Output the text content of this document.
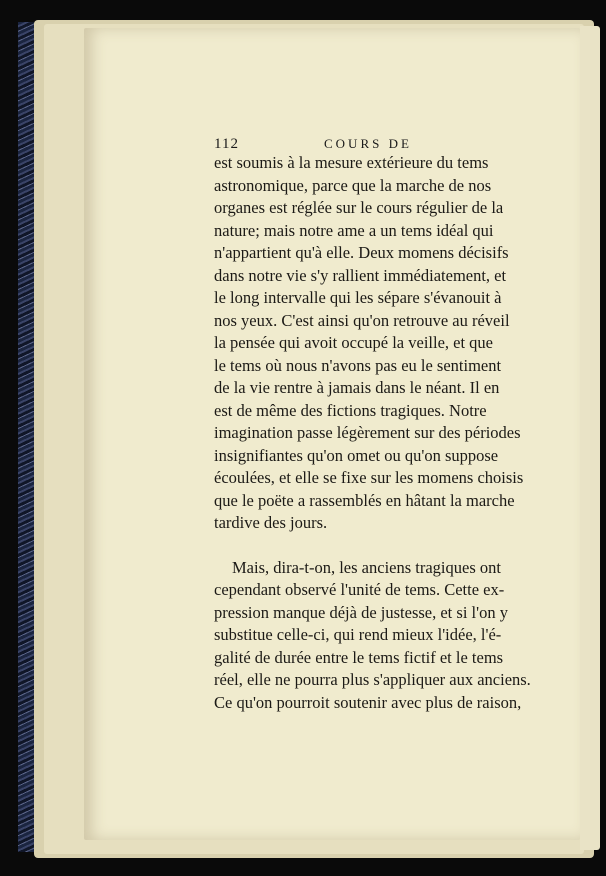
112	COURS DE
est soumis à la mesure extérieure du tems
astronomique, parce que la marche de nos
organes est réglée sur le cours régulier de la
nature; mais notre ame a un tems idéal qui
n'appartient qu'à elle. Deux momens décisifs
dans notre vie s'y rallient immédiatement, et
le long intervalle qui les sépare s'évanouit à
nos yeux. C'est ainsi qu'on retrouve au réveil
la pensée qui avoit occupé la veille, et que
le tems où nous n'avons pas eu le sentiment
de la vie rentre à jamais dans le néant. Il en
est de même des fictions tragiques. Notre
imagination passe légèrement sur des périodes
insignifiantes qu'on omet ou qu'on suppose
écoulées, et elle se fixe sur les momens choisis
que le poëte a rassemblés en hâtant la marche
tardive des jours.
Mais, dira-t-on, les anciens tragiques ont
cependant observé l'unité de tems. Cette ex-
pression manque déjà de justesse, et si l'on y
substitue celle-ci, qui rend mieux l'idée, l'é-
galité de durée entre le tems fictif et le tems
réel, elle ne pourra plus s'appliquer aux anciens.
Ce qu'on pourroit soutenir avec plus de raison,
